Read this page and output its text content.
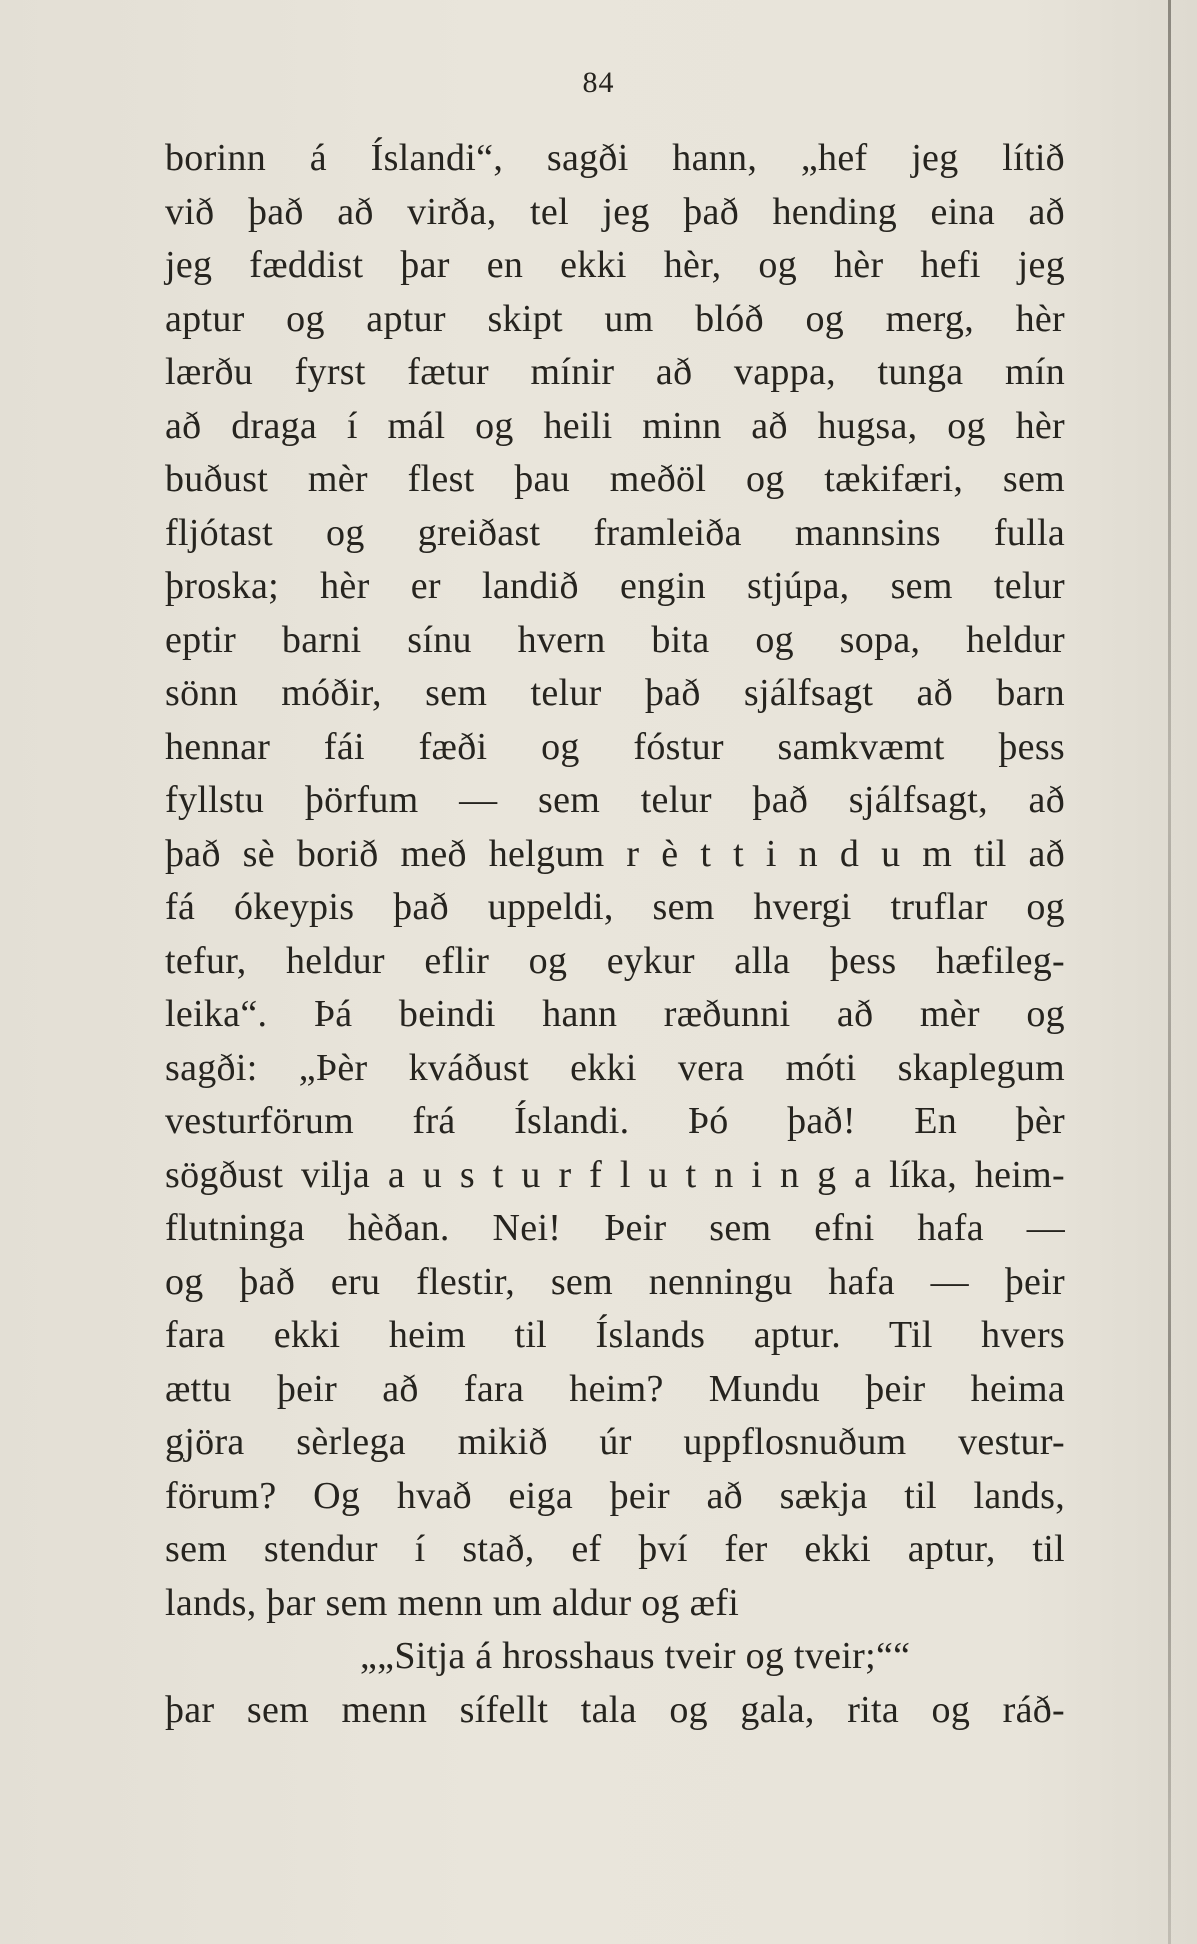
84
borinn á Íslandi“, sagði hann, „hef jeg lítið
við það að virða, tel jeg það hending eina að
jeg fæddist þar en ekki hèr, og hèr hefi jeg
aptur og aptur skipt um blóð og merg, hèr
lærðu fyrst fætur mínir að vappa, tunga mín
að draga í mál og heili minn að hugsa, og hèr
buðust mèr flest þau meðöl og tækifæri, sem
fljótast og greiðast framleiða mannsins fulla
þroska; hèr er landið engin stjúpa, sem telur
eptir barni sínu hvern bita og sopa, heldur
sönn móðir, sem telur það sjálfsagt að barn
hennar fái fæði og fóstur samkvæmt þess
fyllstu þörfum — sem telur það sjálfsagt, að
það sè borið með helgum r è t t i n d u m til að
fá ókeypis það uppeldi, sem hvergi truflar og
tefur, heldur eflir og eykur alla þess hæfileg-
leika“. Þá beindi hann ræðunni að mèr og
sagði: „Þèr kváðust ekki vera móti skaplegum
vesturförum frá Íslandi. Þó það! En þèr
sögðust vilja a u s t u r f l u t n i n g a líka, heim-
flutninga hèðan. Nei! Þeir sem efni hafa —
og það eru flestir, sem nenningu hafa — þeir
fara ekki heim til Íslands aptur. Til hvers
ættu þeir að fara heim? Mundu þeir heima
gjöra sèrlega mikið úr uppflosnuðum vestur-
förum? Og hvað eiga þeir að sækja til lands,
sem stendur í stað, ef því fer ekki aptur, til
lands, þar sem menn um aldur og æfi
„„Sitja á hrosshaus tveir og tveir;““
þar sem menn sífellt tala og gala, rita og ráð-
